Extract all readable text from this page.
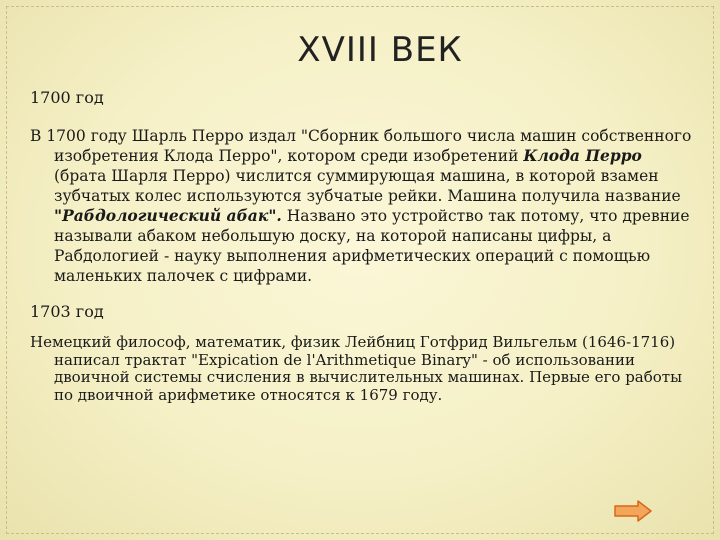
XVIII ВЕК

1700 год

В 1700 году Шарль Перро издал "Сборник большого числа машин собственного изобретения Клода Перро", котором среди изобретений Клода Перро (брата Шарля Перро) числится суммирующая машина, в которой взамен зубчатых колес используются зубчатые рейки. Машина получила название "Рабдологический абак". Названо это устройство так потому, что древние называли абаком небольшую доску, на которой написаны цифры, а Рабдологией - науку выполнения арифметических операций с помощью маленьких палочек с цифрами.

1703 год

Немецкий философ, математик, физик Лейбниц Готфрид Вильгельм (1646-1716) написал трактат "Expication de l'Arithmetique Binary" - об использовании двоичной системы счисления в вычислительных машинах. Первые его работы по двоичной арифметике относятся к 1679 году.
